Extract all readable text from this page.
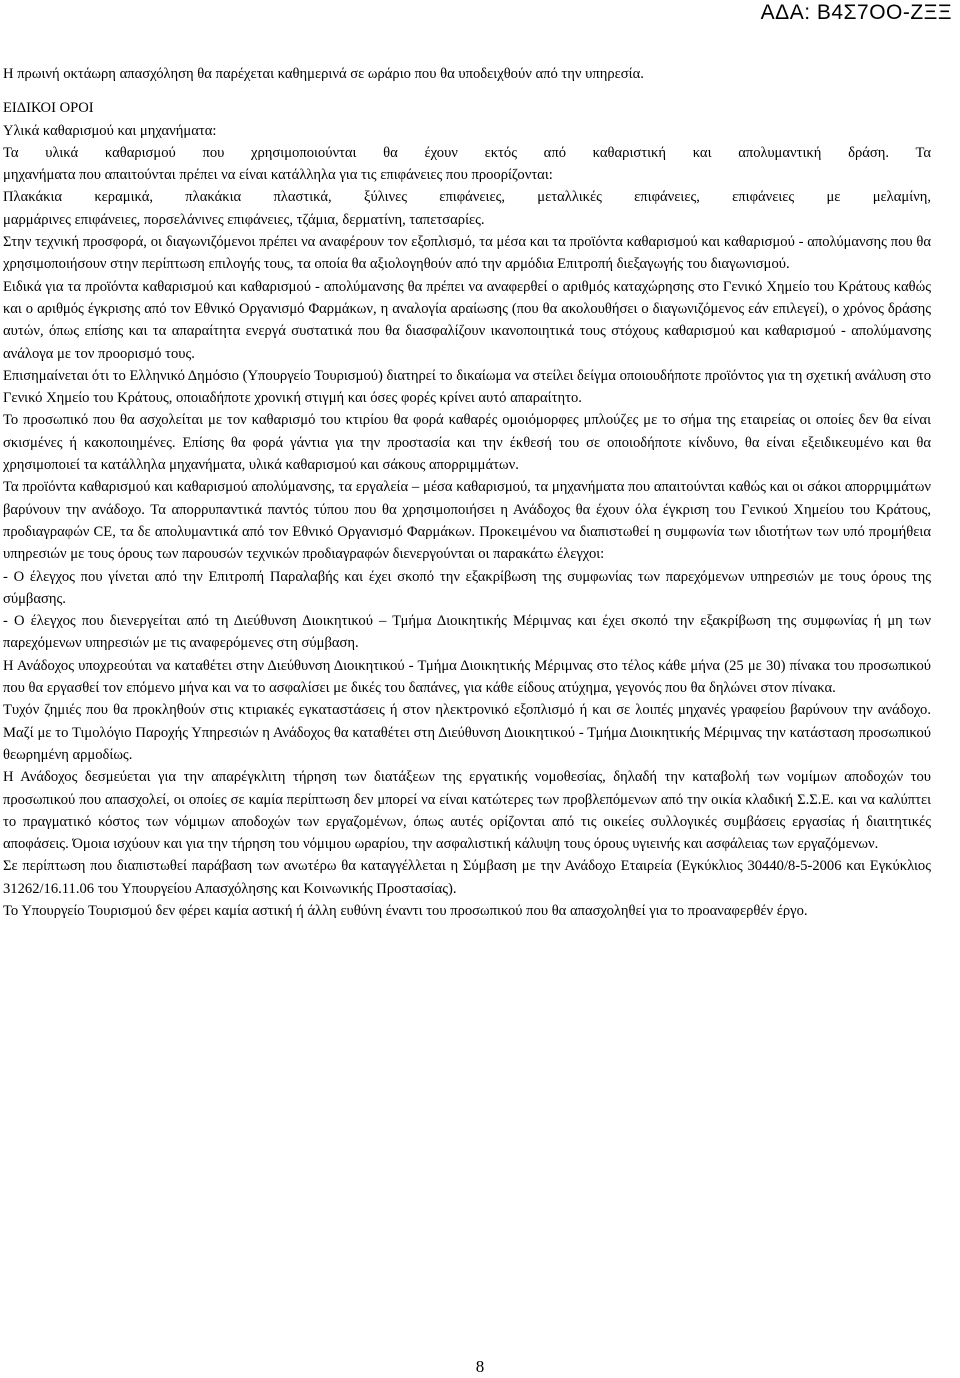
ΑΔΑ: Β4Σ7ΟΟ-ΖΞΞ
Η πρωινή οκτάωρη απασχόληση θα παρέχεται καθημερινά σε ωράριο που θα υποδειχθούν από την υπηρεσία.
ΕΙΔΙΚΟΙ ΟΡΟΙ
Υλικά καθαρισμού και μηχανήματα:
Τα υλικά καθαρισμού που χρησιμοποιούνται θα έχουν εκτός από καθαριστική και απολυμαντική δράση. Τα
μηχανήματα που απαιτούνται πρέπει να είναι κατάλληλα για τις επιφάνειες που προορίζονται:
Πλακάκια κεραμικά, πλακάκια πλαστικά, ξύλινες επιφάνειες, μεταλλικές επιφάνειες, επιφάνειες με μελαμίνη,
μαρμάρινες επιφάνειες, πορσελάνινες επιφάνειες, τζάμια, δερματίνη, ταπετσαρίες.

Στην τεχνική προσφορά, οι διαγωνιζόμενοι πρέπει να αναφέρουν τον εξοπλισμό, τα μέσα και τα προϊόντα καθαρισμού και καθαρισμού - απολύμανσης που θα χρησιμοποιήσουν στην περίπτωση επιλογής τους, τα οποία θα αξιολογηθούν από την αρμόδια Επιτροπή διεξαγωγής του διαγωνισμού.

Ειδικά για τα προϊόντα καθαρισμού και καθαρισμού - απολύμανσης θα πρέπει να αναφερθεί ο αριθμός καταχώρησης στο Γενικό Χημείο του Κράτους καθώς και ο αριθμός έγκρισης από τον Εθνικό Οργανισμό Φαρμάκων, η αναλογία αραίωσης (που θα ακολουθήσει ο διαγωνιζόμενος εάν επιλεγεί), ο χρόνος δράσης αυτών, όπως επίσης και τα απαραίτητα ενεργά συστατικά που θα διασφαλίζουν ικανοποιητικά τους στόχους καθαρισμού και καθαρισμού - απολύμανσης ανάλογα με τον προορισμό τους.

Επισημαίνεται ότι το Ελληνικό Δημόσιο (Υπουργείο Τουρισμού) διατηρεί το δικαίωμα να στείλει δείγμα οποιουδήποτε προϊόντος για τη σχετική ανάλυση στο Γενικό Χημείο του Κράτους, οποιαδήποτε χρονική στιγμή και όσες φορές κρίνει αυτό απαραίτητο.

Το προσωπικό που θα ασχολείται με τον καθαρισμό του κτιρίου θα φορά καθαρές ομοιόμορφες μπλούζες με το σήμα της εταιρείας οι οποίες δεν θα είναι σκισμένες ή κακοποιημένες. Επίσης θα φορά γάντια για την προστασία και την έκθεσή του σε οποιοδήποτε κίνδυνο, θα είναι εξειδικευμένο και θα χρησιμοποιεί τα κατάλληλα μηχανήματα, υλικά καθαρισμού και σάκους απορριμμάτων.

Τα προϊόντα καθαρισμού και καθαρισμού απολύμανσης, τα εργαλεία – μέσα καθαρισμού, τα μηχανήματα που απαιτούνται καθώς και οι σάκοι απορριμμάτων βαρύνουν την ανάδοχο. Τα απορρυπαντικά παντός τύπου που θα χρησιμοποιήσει η Ανάδοχος θα έχουν όλα έγκριση του Γενικού Χημείου του Κράτους, προδιαγραφών CE, τα δε απολυμαντικά από τον Εθνικό Οργανισμό Φαρμάκων. Προκειμένου να διαπιστωθεί η συμφωνία των ιδιοτήτων των υπό προμήθεια υπηρεσιών με τους όρους των παρουσών τεχνικών προδιαγραφών διενεργούνται οι παρακάτω έλεγχοι:

- Ο έλεγχος που γίνεται από την Επιτροπή Παραλαβής και έχει σκοπό την εξακρίβωση της συμφωνίας των παρεχόμενων υπηρεσιών με τους όρους της σύμβασης.

- Ο έλεγχος που διενεργείται από τη Διεύθυνση Διοικητικού – Τμήμα Διοικητικής Μέριμνας και έχει σκοπό την εξακρίβωση της συμφωνίας ή μη των παρεχόμενων υπηρεσιών με τις αναφερόμενες στη σύμβαση.

Η Ανάδοχος υποχρεούται να καταθέτει στην Διεύθυνση Διοικητικού - Τμήμα Διοικητικής Μέριμνας στο τέλος κάθε μήνα (25 με 30) πίνακα του προσωπικού που θα εργασθεί τον επόμενο μήνα και να το ασφαλίσει με δικές του δαπάνες, για κάθε είδους ατύχημα, γεγονός που θα δηλώνει στον πίνακα.

Τυχόν ζημιές που θα προκληθούν στις κτιριακές εγκαταστάσεις ή στον ηλεκτρονικό εξοπλισμό ή και σε λοιπές μηχανές γραφείου βαρύνουν την ανάδοχο. Μαζί με το Τιμολόγιο Παροχής Υπηρεσιών η Ανάδοχος θα καταθέτει στη Διεύθυνση Διοικητικού - Τμήμα Διοικητικής Μέριμνας την κατάσταση προσωπικού θεωρημένη αρμοδίως.

Η Ανάδοχος δεσμεύεται για την απαρέγκλιτη τήρηση των διατάξεων της εργατικής νομοθεσίας, δηλαδή την καταβολή των νομίμων αποδοχών του προσωπικού που απασχολεί, οι οποίες σε καμία περίπτωση δεν μπορεί να είναι κατώτερες των προβλεπόμενων από την οικία κλαδική Σ.Σ.Ε. και να καλύπτει το πραγματικό κόστος των νόμιμων αποδοχών των εργαζομένων, όπως αυτές ορίζονται από τις οικείες συλλογικές συμβάσεις εργασίας ή διαιτητικές αποφάσεις. Όμοια ισχύουν και για την τήρηση του νόμιμου ωραρίου, την ασφαλιστική κάλυψη τους όρους υγιεινής και ασφάλειας των εργαζόμενων.

Σε περίπτωση που διαπιστωθεί παράβαση των ανωτέρω θα καταγγέλλεται η Σύμβαση με την Ανάδοχο Εταιρεία (Εγκύκλιος 30440/8-5-2006 και Εγκύκλιος 31262/16.11.06 του Υπουργείου Απασχόλησης και Κοινωνικής Προστασίας).

Το Υπουργείο Τουρισμού δεν φέρει καμία αστική ή άλλη ευθύνη έναντι του προσωπικού που θα απασχοληθεί για το προαναφερθέν έργο.

8
